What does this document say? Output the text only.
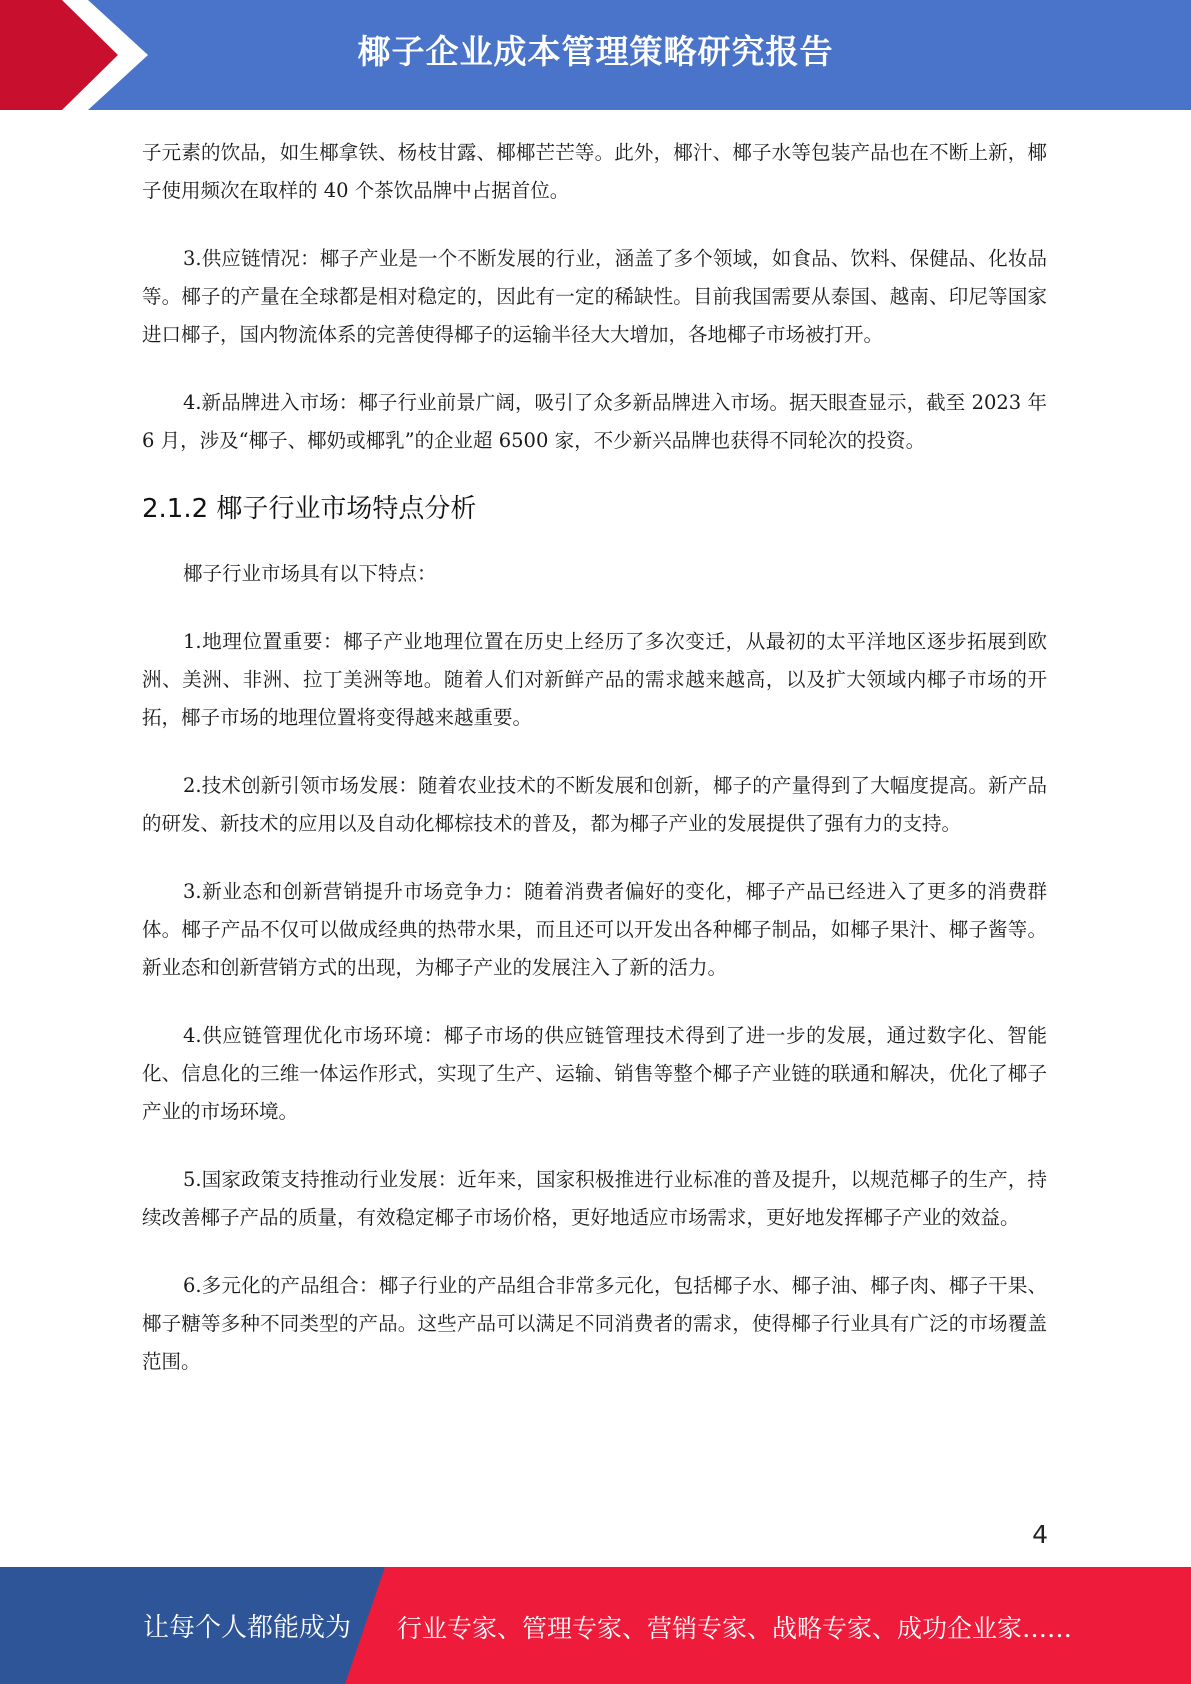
椰子企业成本管理策略研究报告

子元素的饮品，如生椰拿铁、杨枝甘露、椰椰芒芒等。此外，椰汁、椰子水等包装产品也在不断上新，椰子使用频次在取样的 40 个茶饮品牌中占据首位。

3.供应链情况：椰子产业是一个不断发展的行业，涵盖了多个领域，如食品、饮料、保健品、化妆品等。椰子的产量在全球都是相对稳定的，因此有一定的稀缺性。目前我国需要从泰国、越南、印尼等国家进口椰子，国内物流体系的完善使得椰子的运输半径大大增加，各地椰子市场被打开。

4.新品牌进入市场：椰子行业前景广阔，吸引了众多新品牌进入市场。据天眼查显示，截至 2023 年 6 月，涉及“椰子、椰奶或椰乳”的企业超 6500 家，不少新兴品牌也获得不同轮次的投资。

2.1.2 椰子行业市场特点分析

椰子行业市场具有以下特点：

1.地理位置重要：椰子产业地理位置在历史上经历了多次变迁，从最初的太平洋地区逐步拓展到欧洲、美洲、非洲、拉丁美洲等地。随着人们对新鲜产品的需求越来越高，以及扩大领域内椰子市场的开拓，椰子市场的地理位置将变得越来越重要。

2.技术创新引领市场发展：随着农业技术的不断发展和创新，椰子的产量得到了大幅度提高。新产品的研发、新技术的应用以及自动化椰棕技术的普及，都为椰子产业的发展提供了强有力的支持。

3.新业态和创新营销提升市场竞争力：随着消费者偏好的变化，椰子产品已经进入了更多的消费群体。椰子产品不仅可以做成经典的热带水果，而且还可以开发出各种椰子制品，如椰子果汁、椰子酱等。新业态和创新营销方式的出现，为椰子产业的发展注入了新的活力。

4.供应链管理优化市场环境：椰子市场的供应链管理技术得到了进一步的发展，通过数字化、智能化、信息化的三维一体运作形式，实现了生产、运输、销售等整个椰子产业链的联通和解决，优化了椰子产业的市场环境。

5.国家政策支持推动行业发展：近年来，国家积极推进行业标准的普及提升，以规范椰子的生产，持续改善椰子产品的质量，有效稳定椰子市场价格，更好地适应市场需求，更好地发挥椰子产业的效益。

6.多元化的产品组合：椰子行业的产品组合非常多元化，包括椰子水、椰子油、椰子肉、椰子干果、椰子糖等多种不同类型的产品。这些产品可以满足不同消费者的需求，使得椰子行业具有广泛的市场覆盖范围。

4
让每个人都能成为 行业专家、管理专家、营销专家、战略专家、成功企业家……
